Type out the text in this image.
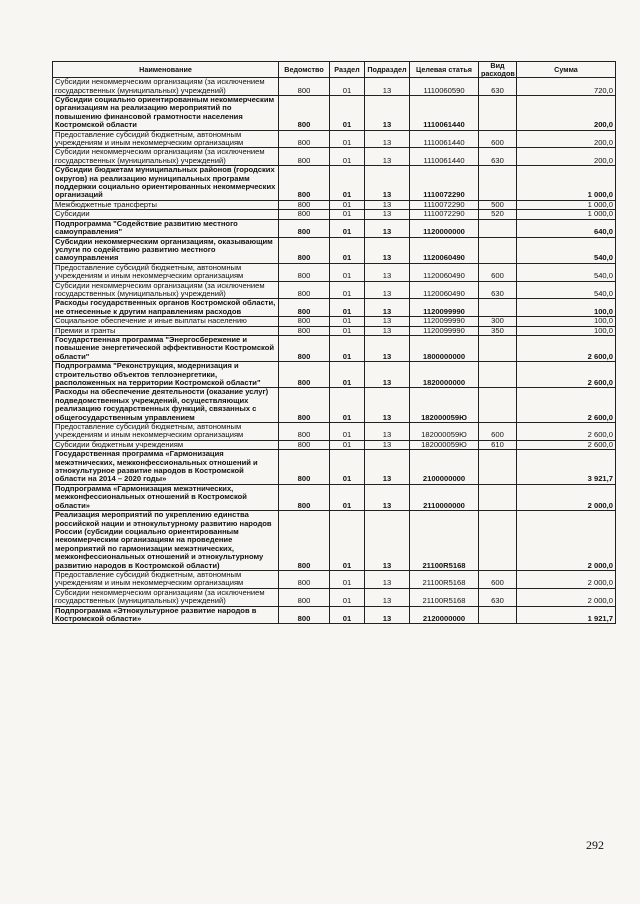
Наименование	Ведомство	Раздел	Подраздел	Целевая статья	Вид расходов	Сумма
Субсидии некоммерческим организациям (за исключением государственных (муниципальных) учреждений)	800	01	13	1110060590	630	720,0
Субсидии социально ориентированным некоммерческим организациям на реализацию мероприятий по повышению финансовой грамотности населения Костромской области	800	01	13	1110061440		200,0
Предоставление субсидий бюджетным, автономным учреждениям и иным некоммерческим организациям	800	01	13	1110061440	600	200,0
Субсидии некоммерческим организациям (за исключением государственных (муниципальных) учреждений)	800	01	13	1110061440	630	200,0
Субсидии бюджетам муниципальных районов (городских округов) на реализацию муниципальных программ поддержки социально ориентированных некоммерческих организаций	800	01	13	1110072290		1 000,0
Межбюджетные трансферты	800	01	13	1110072290	500	1 000,0
Субсидии	800	01	13	1110072290	520	1 000,0
Подпрограмма "Содействие развитию местного самоуправления"	800	01	13	1120000000		640,0
Субсидии некоммерческим организациям, оказывающим услуги по содействию развитию местного самоуправления	800	01	13	1120060490		540,0
Предоставление субсидий бюджетным, автономным учреждениям и иным некоммерческим организациям	800	01	13	1120060490	600	540,0
Субсидии некоммерческим организациям (за исключением государственных (муниципальных) учреждений)	800	01	13	1120060490	630	540,0
Расходы государственных органов Костромской области, не отнесенные к другим направлениям расходов	800	01	13	1120099990		100,0
Социальное обеспечение и иные выплаты населению	800	01	13	1120099990	300	100,0
Премии и гранты	800	01	13	1120099990	350	100,0
Государственная программа "Энергосбережение и повышение энергетической эффективности Костромской области"	800	01	13	1800000000		2 600,0
Подпрограмма "Реконструкция, модернизация и строительство объектов теплоэнергетики, расположенных на территории Костромской области"	800	01	13	1820000000		2 600,0
Расходы на обеспечение деятельности (оказание услуг) подведомственных учреждений, осуществляющих реализацию государственных функций, связанных с общегосударственным управлением	800	01	13	182000059Ю		2 600,0
Предоставление субсидий бюджетным, автономным учреждениям и иным некоммерческим организациям	800	01	13	182000059Ю	600	2 600,0
Субсидии бюджетным учреждениям	800	01	13	182000059Ю	610	2 600,0
Государственная программа «Гармонизация межэтнических, межконфессиональных отношений и этнокультурное развитие народов в Костромской области на 2014 – 2020 годы»	800	01	13	2100000000		3 921,7
Подпрограмма «Гармонизация межэтнических, межконфессиональных отношений в Костромской области»	800	01	13	2110000000		2 000,0
Реализация мероприятий по укреплению единства российской нации и этнокультурному развитию народов России (субсидии социально ориентированным некоммерческим организациям на проведение мероприятий по гармонизации межэтнических, межконфессиональных отношений и этнокультурному развитию народов в Костромской области)	800	01	13	21100R5168		2 000,0
Предоставление субсидий бюджетным, автономным учреждениям и иным некоммерческим организациям	800	01	13	21100R5168	600	2 000,0
Субсидии некоммерческим организациям (за исключением государственных (муниципальных) учреждений)	800	01	13	21100R5168	630	2 000,0
Подпрограмма «Этнокультурное развитие народов в Костромской области»	800	01	13	2120000000		1 921,7
292
